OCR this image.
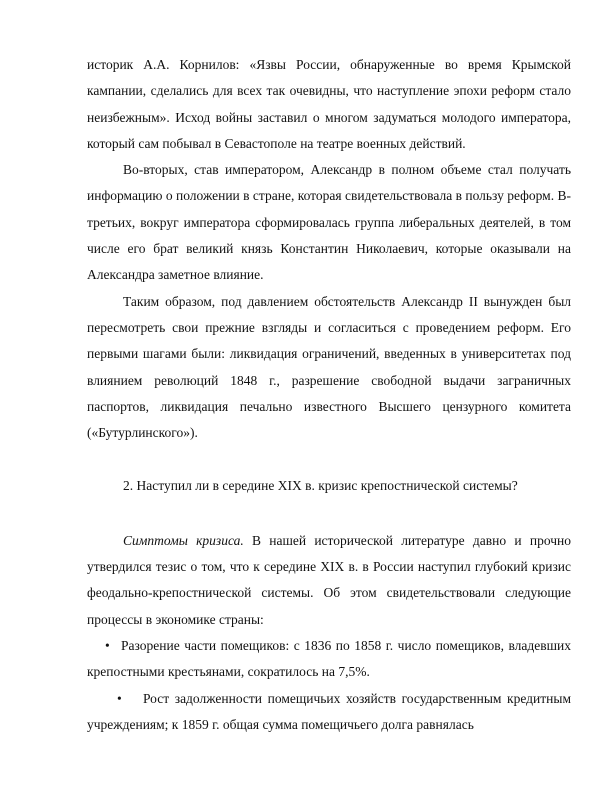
историк А.А. Корнилов: «Язвы России, обнаруженные во время Крымской кампании, сделались для всех так очевидны, что наступление эпохи реформ стало неизбежным». Исход войны заставил о многом задуматься молодого императора, который сам побывал в Севастополе на театре военных действий.

Во-вторых, став императором, Александр в полном объеме стал получать информацию о положении в стране, которая свидетельствовала в пользу реформ. В-третьих, вокруг императора сформировалась группа либеральных деятелей, в том числе его брат великий князь Константин Николаевич, которые оказывали на Александра заметное влияние.

Таким образом, под давлением обстоятельств Александр II вынужден был пересмотреть свои прежние взгляды и согласиться с проведением реформ. Его первыми шагами были: ликвидация ограничений, введенных в университетах под влиянием революций 1848 г., разрешение свободной выдачи заграничных паспортов, ликвидация печально известного Высшего цензурного комитета («Бутурлинского»).

2. Наступил ли в середине XIX в. кризис крепостнической системы?

Симптомы кризиса. В нашей исторической литературе давно и прочно утвердился тезис о том, что к середине XIX в. в России наступил глубокий кризис феодально-крепостнической системы. Об этом свидетельствовали следующие процессы в экономике страны:

• Разорение части помещиков: с 1836 по 1858 г. число помещиков, владевших крепостными крестьянами, сократилось на 7,5%.

• Рост задолженности помещичьих хозяйств государственным кредитным учреждениям; к 1859 г. общая сумма помещичьего долга равнялась
